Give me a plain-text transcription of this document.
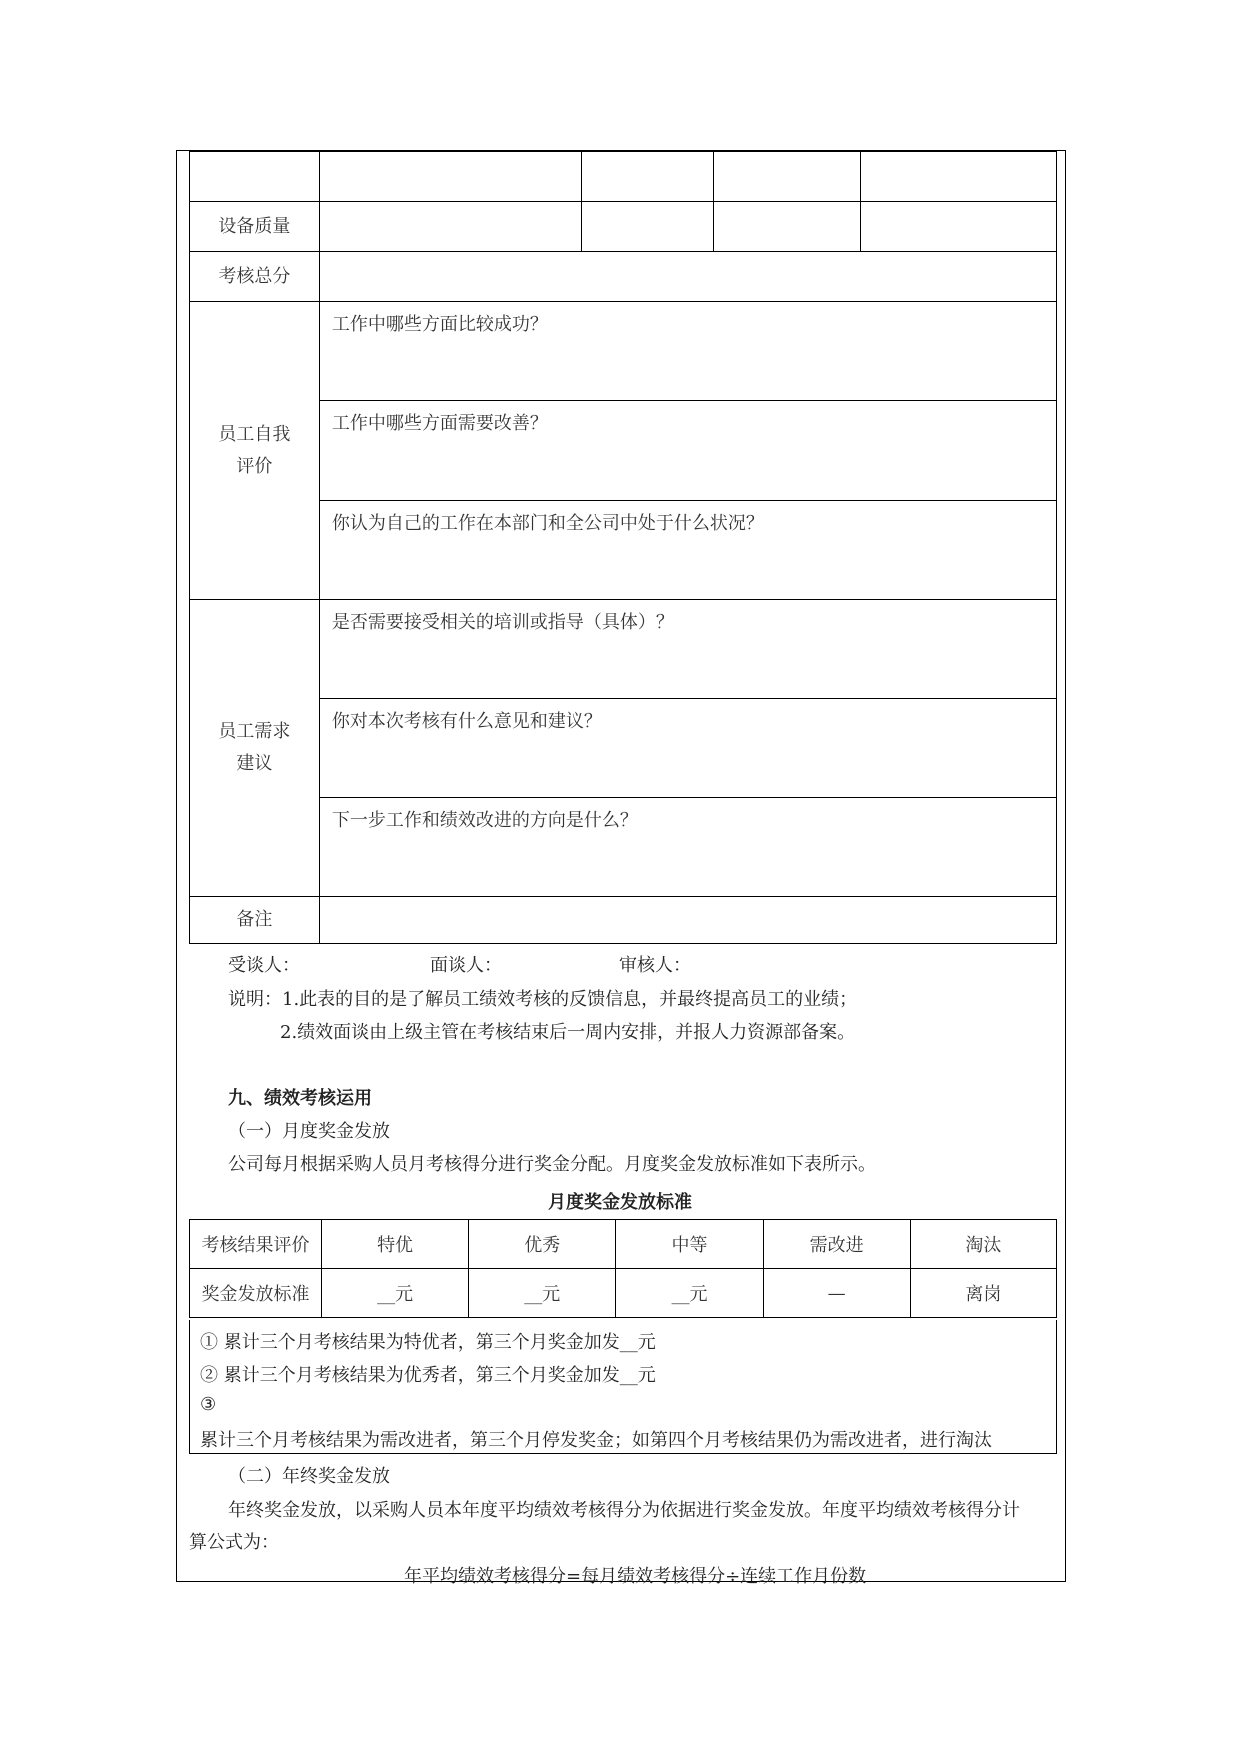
设备质量				
考核总分				

员工自我
评价	工作中哪些方面比较成功？			
	工作中哪些方面需要改善？			
	你认为自己的工作在本部门和全公司中处于什么状况？			

员工需求
建议	是否需要接受相关的培训或指导（具体）？			
	你对本次考核有什么意见和建议？			
	下一步工作和绩效改进的方向是什么？			
备注				
受谈人：	面谈人：	审核人：
说明：1.此表的目的是了解员工绩效考核的反馈信息，并最终提高员工的业绩；
2.绩效面谈由上级主管在考核结束后一周内安排，并报人力资源部备案。
九、绩效考核运用
（一）月度奖金发放
公司每月根据采购人员月考核得分进行奖金分配。月度奖金发放标准如下表所示。
月度奖金发放标准
考核结果评价	特优	优秀	中等	需改进	淘汰
奖金发放标准	__元	__元	__元	—	离岗
① 累计三个月考核结果为特优者，第三个月奖金加发__元
② 累计三个月考核结果为优秀者，第三个月奖金加发__元
③
累计三个月考核结果为需改进者，第三个月停发奖金；如第四个月考核结果仍为需改进者，进行淘汰
（二）年终奖金发放
年终奖金发放，以采购人员本年度平均绩效考核得分为依据进行奖金发放。年度平均绩效考核得分计
算公式为：
年平均绩效考核得分=每月绩效考核得分÷连续工作月份数
